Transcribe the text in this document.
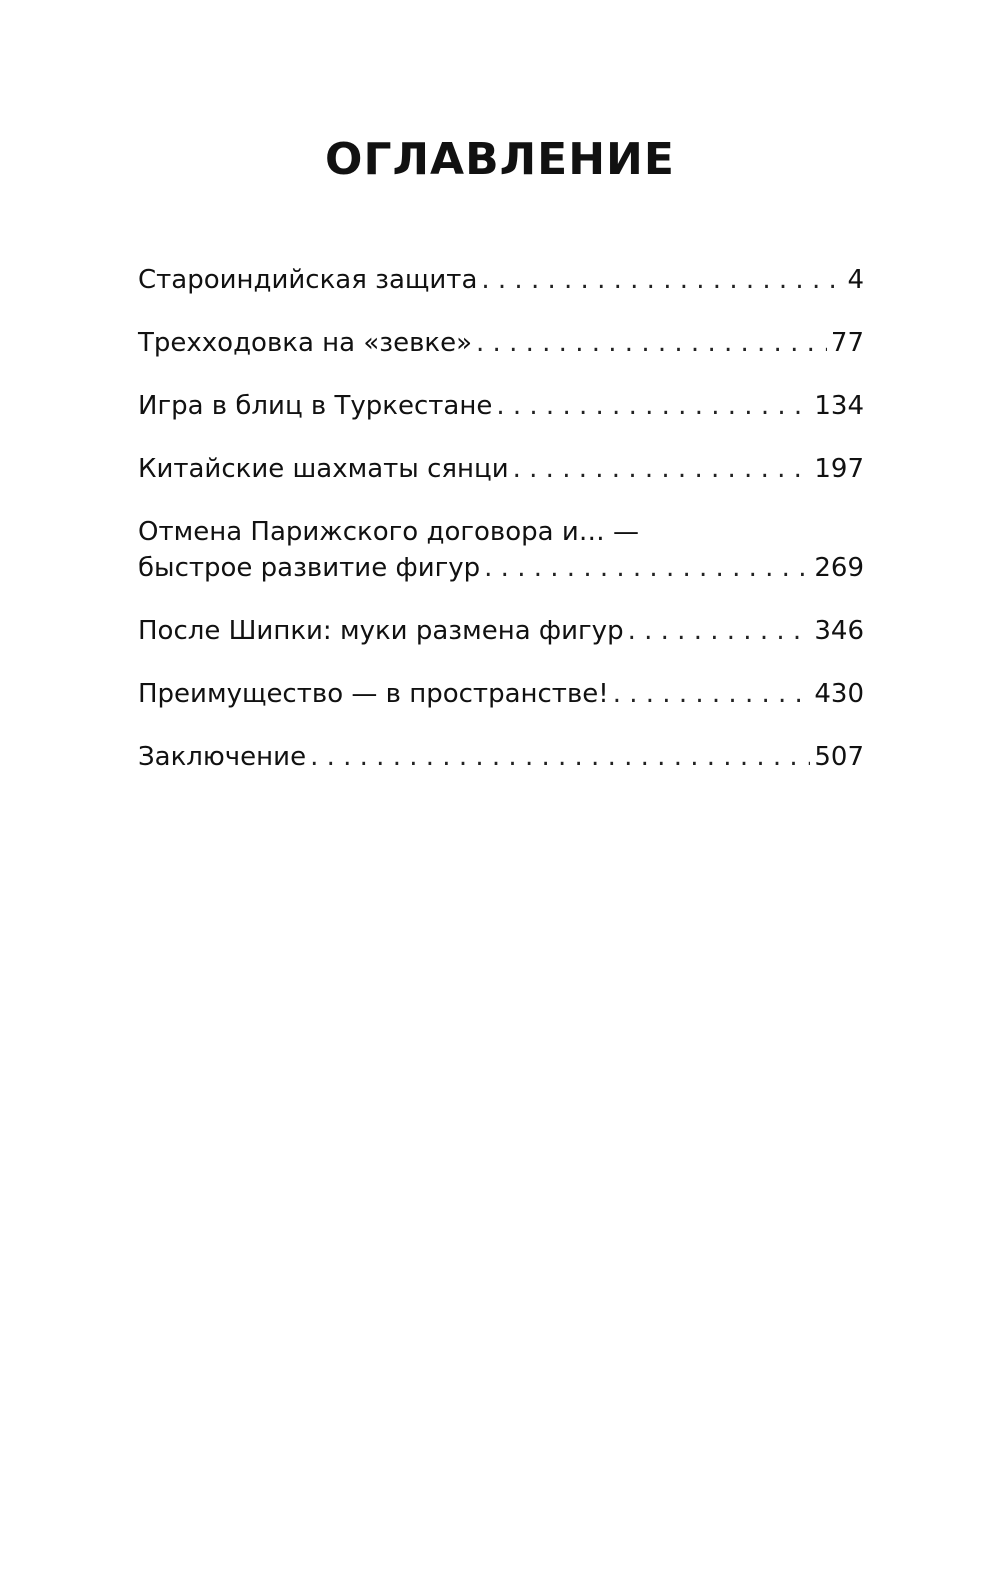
ОГЛАВЛЕНИЕ
Староиндийская защита . . .	4
Трехходовка на «зевке» . . .	77
Игра в блиц в Туркестане . . .	134
Китайские шахматы сянци . . .	197
Отмена Парижского договора и… —
быстрое развитие фигур . . .	269
После Шипки: муки размена фигур . . .	346
Преимущество — в пространстве! . . .	430
Заключение . . .	507
